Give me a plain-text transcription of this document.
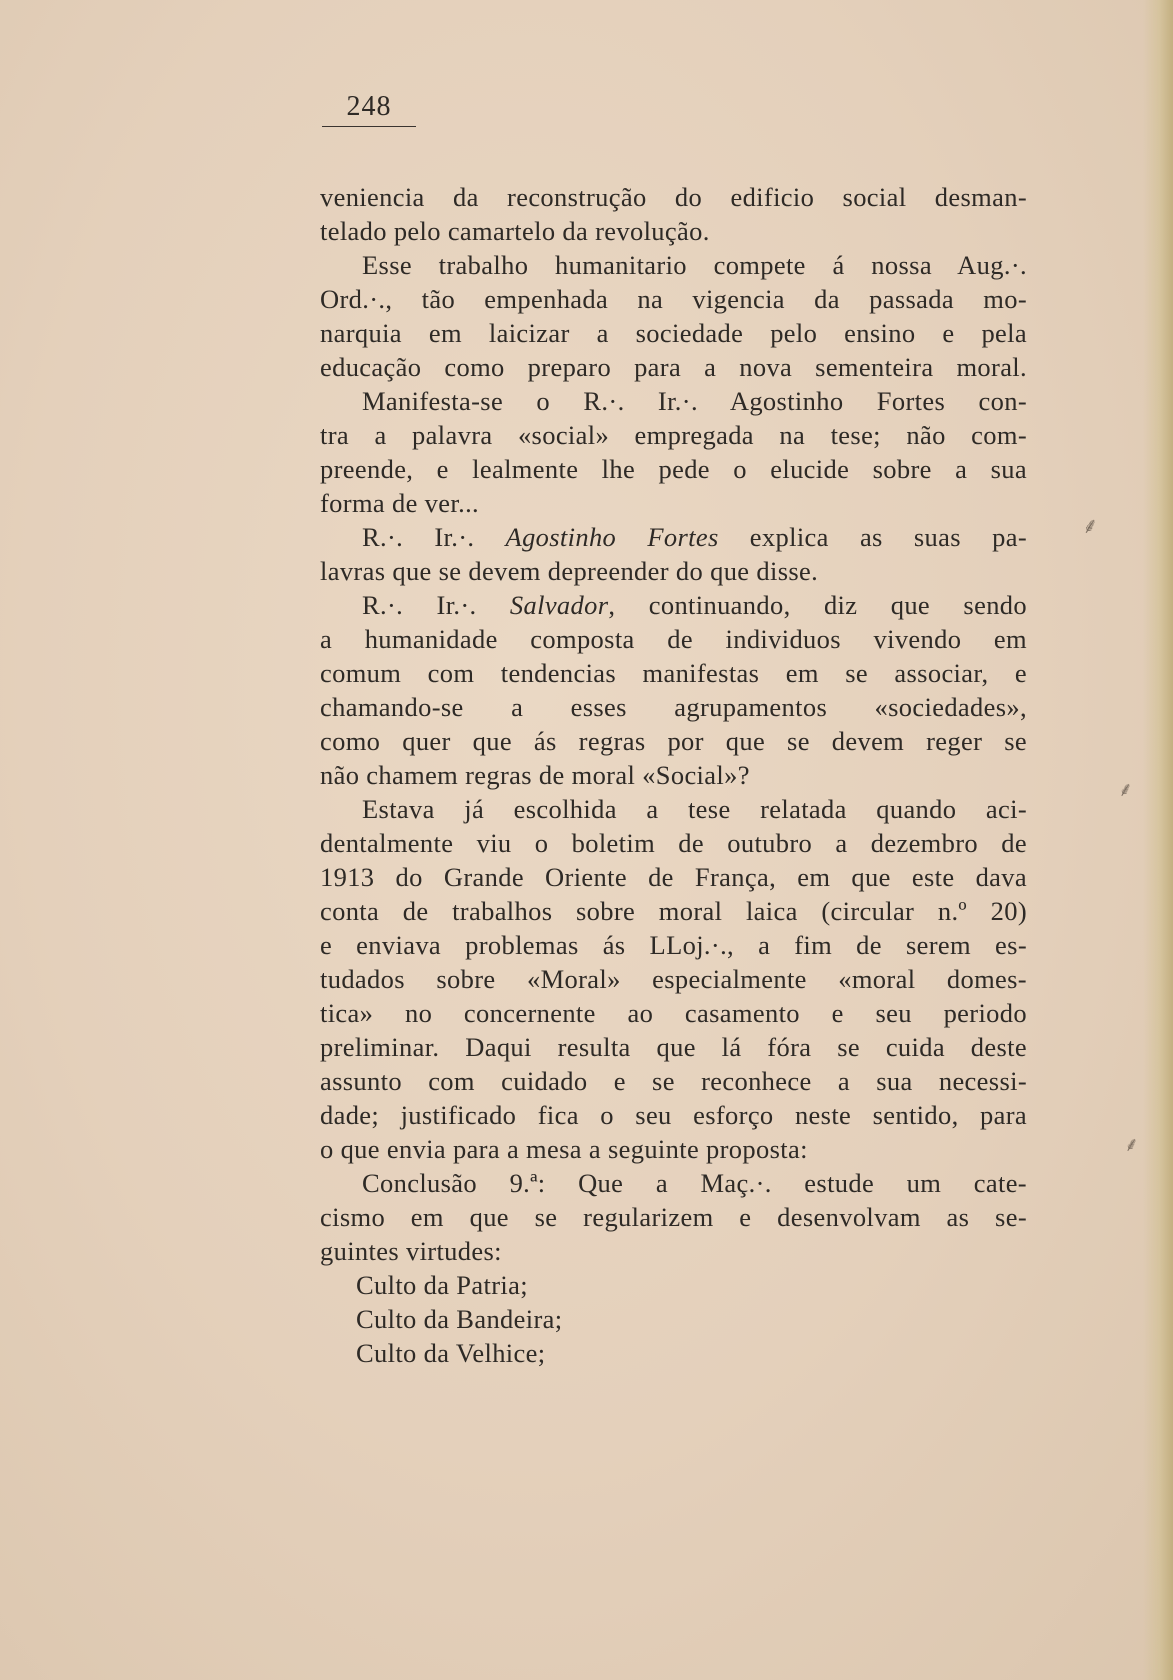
248
veniencia da reconstrução do edificio social desman-
telado pelo camartelo da revolução.
Esse trabalho humanitario compete á nossa Aug.·.
Ord.·., tão empenhada na vigencia da passada mo-
narquia em laicizar a sociedade pelo ensino e pela
educação como preparo para a nova sementeira moral.
Manifesta-se o R.·. Ir.·. Agostinho Fortes con-
tra a palavra «social» empregada na tese; não com-
preende, e lealmente lhe pede o elucide sobre a sua
forma de ver...
R.·. Ir.·. Agostinho Fortes explica as suas pa-
lavras que se devem depreender do que disse.
R.·. Ir.·. Salvador, continuando, diz que sendo
a humanidade composta de individuos vivendo em
comum com tendencias manifestas em se associar, e
chamando-se a esses agrupamentos «sociedades»,
como quer que ás regras por que se devem reger se
não chamem regras de moral «Social»?
Estava já escolhida a tese relatada quando aci-
dentalmente viu o boletim de outubro a dezembro de
1913 do Grande Oriente de França, em que este dava
conta de trabalhos sobre moral laica (circular n.º 20)
e enviava problemas ás LLoj.·., a fim de serem es-
tudados sobre «Moral» especialmente «moral domes-
tica» no concernente ao casamento e seu periodo
preliminar. Daqui resulta que lá fóra se cuida deste
assunto com cuidado e se reconhece a sua necessi-
dade; justificado fica o seu esforço neste sentido, para
o que envia para a mesa a seguinte proposta:
Conclusão 9.ª: Que a Maç.·. estude um cate-
cismo em que se regularizem e desenvolvam as se-
guintes virtudes:
Culto da Patria;
Culto da Bandeira;
Culto da Velhice;
⸙
⸙
⸙
